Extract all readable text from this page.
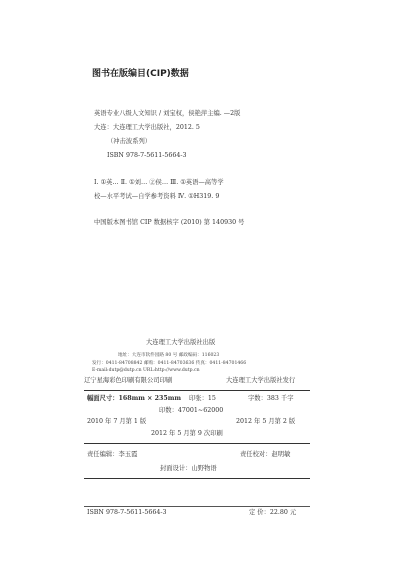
图书在版编目(CIP)数据
英语专业八级人文知识 / 刘宝权，侯艳萍主编. —2版
大连：大连理工大学出版社，2012. 5
（冲击波系列）
ISBN 978-7-5611-5664-3
Ⅰ. ①英… Ⅱ. ①刘… ②侯… Ⅲ. ①英语—高等学
校—水平考试—自学参考资料 Ⅳ. ①H319. 9
中国版本图书馆 CIP 数据核字 (2010) 第 140930 号
大连理工大学出版社出版
地址：大连市软件园路 80 号 邮政编码：116023
发行：0411-84708842 邮购：0411-84703636 传真：0411-84701466
E-mail:dutp@dutp.cn URL:http://www.dutp.cn
辽宁星海彩色印刷有限公司印刷	大连理工大学出版社发行
幅面尺寸：168mm × 235mm 印张：15	字数：383 千字
印数：47001~62000
2010 年 7 月第 1 版	2012 年 5 月第 2 版
2012 年 5 月第 9 次印刷
责任编辑：李玉霞	责任校对：赵明敏
封面设计：山野物语
ISBN 978-7-5611-5664-3	定 价：22.80 元
